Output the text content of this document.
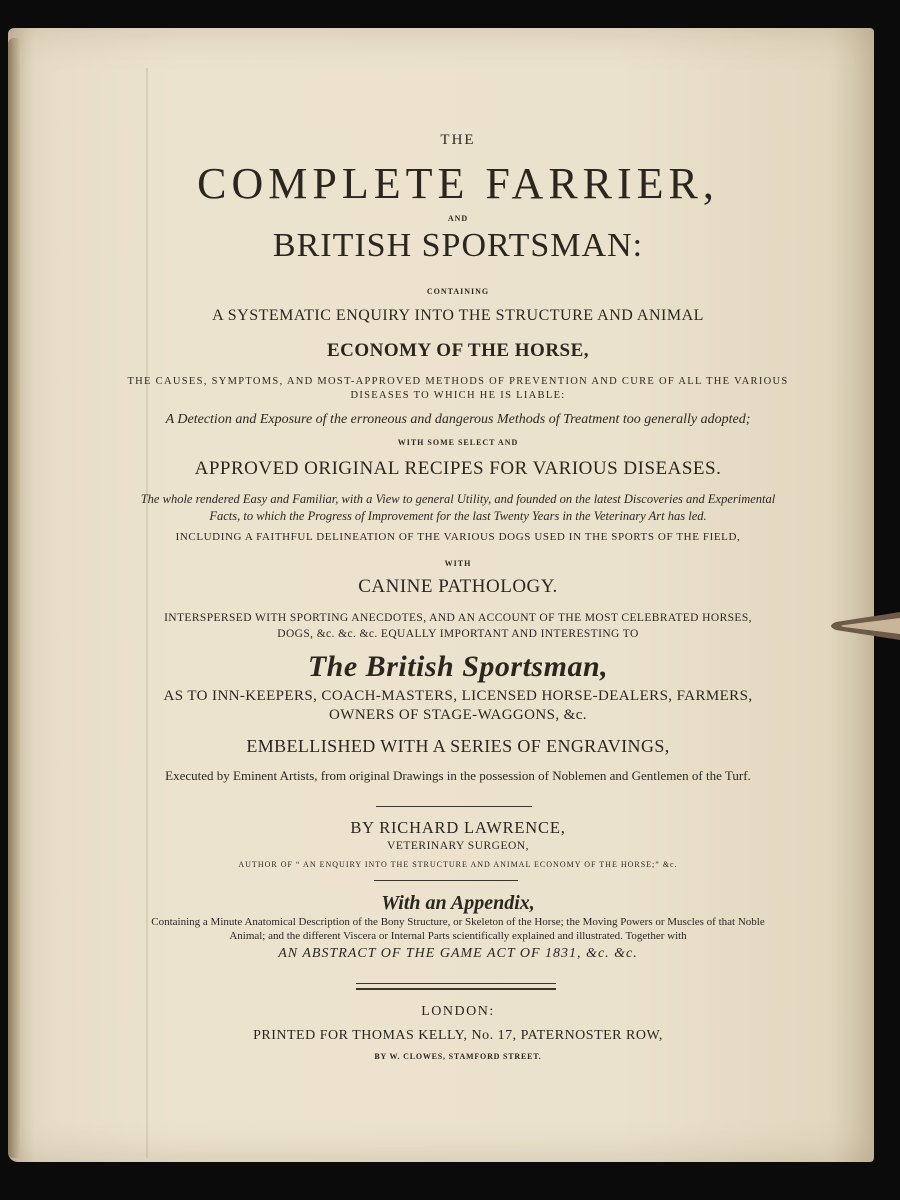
THE
COMPLETE FARRIER,
AND
BRITISH SPORTSMAN:
CONTAINING
A SYSTEMATIC ENQUIRY INTO THE STRUCTURE AND ANIMAL
ECONOMY OF THE HORSE,
THE CAUSES, SYMPTOMS, AND MOST-APPROVED METHODS OF PREVENTION AND CURE OF ALL THE VARIOUS
DISEASES TO WHICH HE IS LIABLE:
A Detection and Exposure of the erroneous and dangerous Methods of Treatment too generally adopted;
WITH SOME SELECT AND
APPROVED ORIGINAL RECIPES FOR VARIOUS DISEASES.
The whole rendered Easy and Familiar, with a View to general Utility, and founded on the latest Discoveries and Experimental
Facts, to which the Progress of Improvement for the last Twenty Years in the Veterinary Art has led.
INCLUDING A FAITHFUL DELINEATION OF THE VARIOUS DOGS USED IN THE SPORTS OF THE FIELD,
WITH
CANINE PATHOLOGY.
INTERSPERSED WITH SPORTING ANECDOTES, AND AN ACCOUNT OF THE MOST CELEBRATED HORSES,
DOGS, &c. &c. &c. EQUALLY IMPORTANT AND INTERESTING TO
The British Sportsman,
AS TO INN-KEEPERS, COACH-MASTERS, LICENSED HORSE-DEALERS, FARMERS,
OWNERS OF STAGE-WAGGONS, &c.
EMBELLISHED WITH A SERIES OF ENGRAVINGS,
Executed by Eminent Artists, from original Drawings in the possession of Noblemen and Gentlemen of the Turf.
BY RICHARD LAWRENCE,
VETERINARY SURGEON,
AUTHOR OF “ AN ENQUIRY INTO THE STRUCTURE AND ANIMAL ECONOMY OF THE HORSE;” &c.
With an Appendix,
Containing a Minute Anatomical Description of the Bony Structure, or Skeleton of the Horse; the Moving Powers or Muscles of that Noble
Animal; and the different Viscera or Internal Parts scientifically explained and illustrated. Together with
AN ABSTRACT OF THE GAME ACT OF 1831, &c. &c.
LONDON:
PRINTED FOR THOMAS KELLY, No. 17, PATERNOSTER ROW,
BY W. CLOWES, STAMFORD STREET.
